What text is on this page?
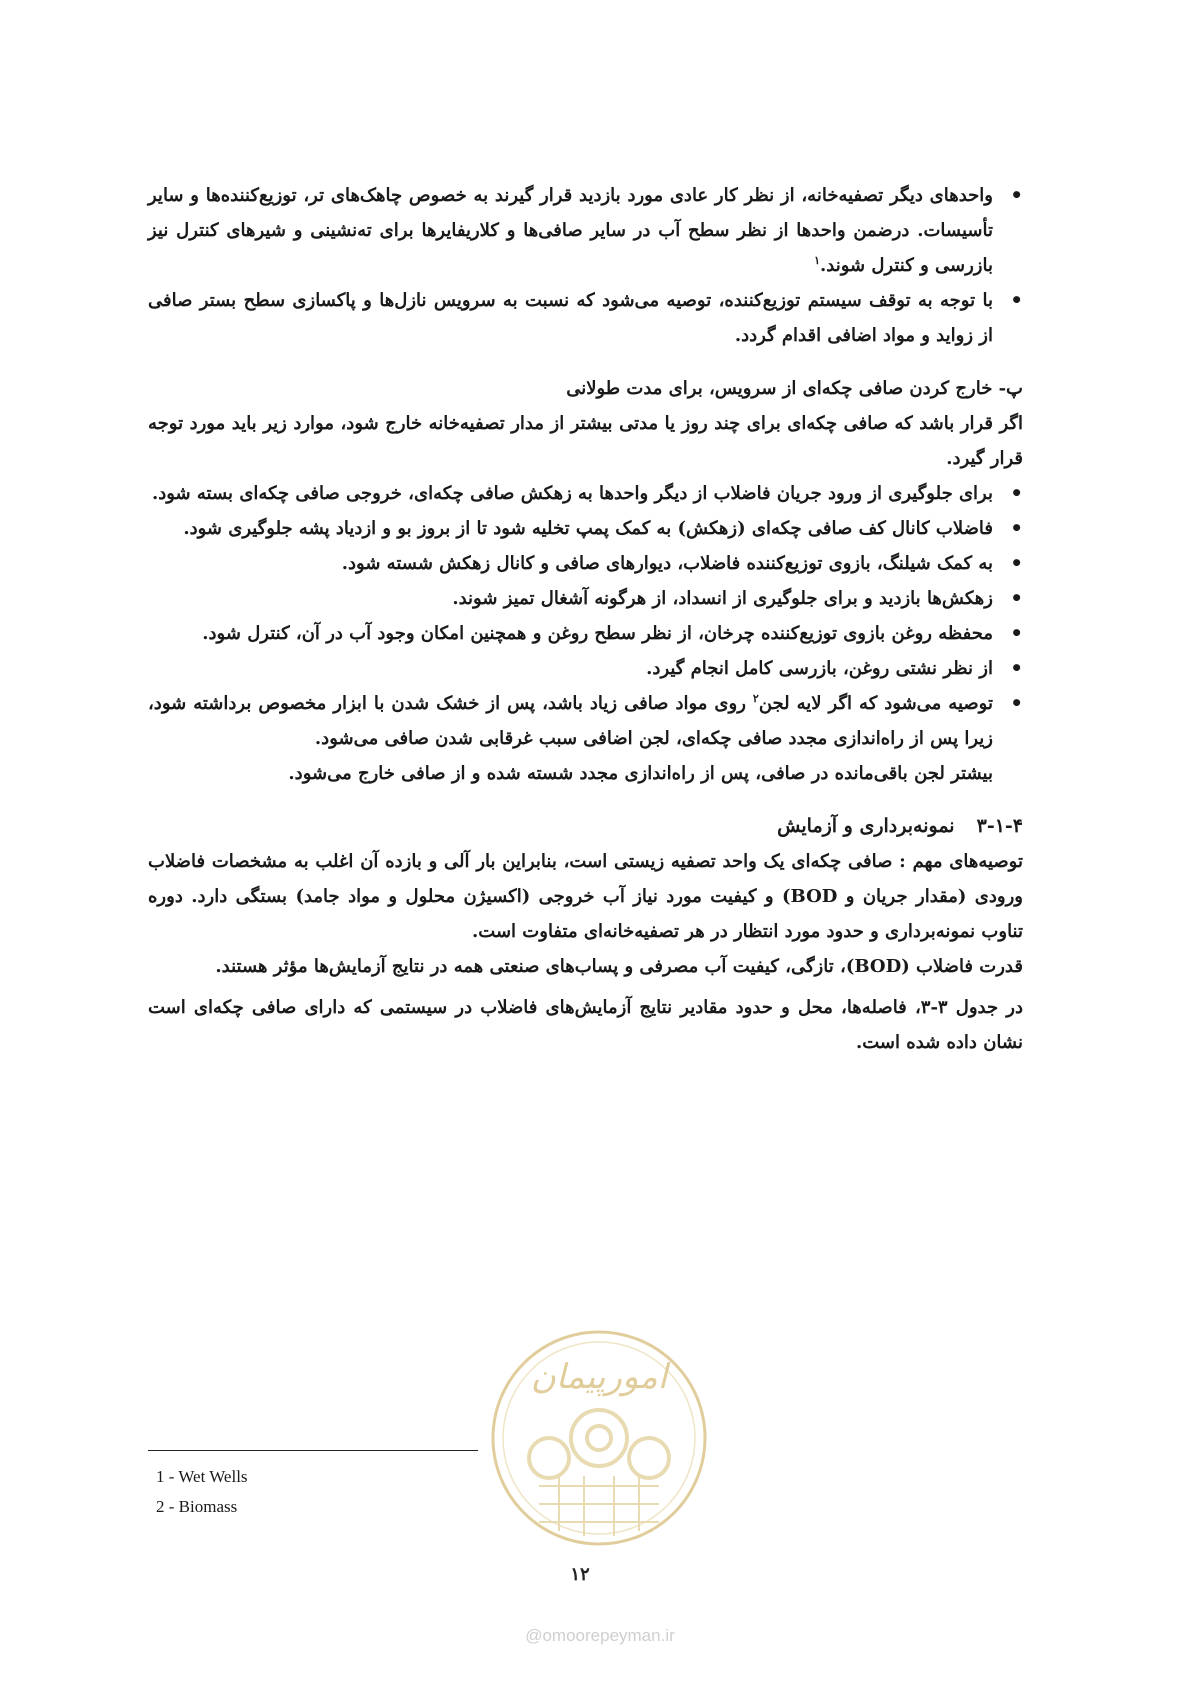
• واحدهای دیگر تصفیه‌خانه، از نظر کار عادی مورد بازدید قرار گیرند به خصوص چاهک‌های تر، توزیع‌کننده‌ها و سایر تأسیسات. درضمن واحدها از نظر سطح آب در سایر صافی‌ها و کلاریفایرها برای ته‌نشینی و شیرهای کنترل نیز بازرسی و کنترل شوند.$^۱$
• با توجه به توقف سیستم توزیع‌کننده، توصیه می‌شود که نسبت به سرویس نازل‌ها و پاکسازی سطح بستر صافی از زواید و مواد اضافی اقدام گردد.
پ- خارج کردن صافی چکه‌ای از سرویس، برای مدت طولانی

اگر قرار باشد که صافی چکه‌ای برای چند روز یا مدتی بیشتر از مدار تصفیه‌خانه خارج شود، موارد زیر باید مورد توجه قرار گیرد.

• برای جلوگیری از ورود جریان فاضلاب از دیگر واحدها به زهکش صافی چکه‌ای، خروجی صافی چکه‌ای بسته شود.
• فاضلاب کانال کف صافی چکه‌ای (زهکش) به کمک پمپ تخلیه شود تا از بروز بو و ازدیاد پشه جلوگیری شود.
• به کمک شیلنگ، بازوی توزیع‌کننده فاضلاب، دیوارهای صافی و کانال زهکش شسته شود.
• زهکش‌ها بازدید و برای جلوگیری از انسداد، از هرگونه آشغال تمیز شوند.
• محفظه روغن بازوی توزیع‌کننده چرخان، از نظر سطح روغن و همچنین امکان وجود آب در آن، کنترل شود.
• از نظر نشتی روغن، بازرسی کامل انجام گیرد.
• توصیه می‌شود که اگر لایه لجن$^۲$ روی مواد صافی زیاد باشد، پس از خشک شدن با ابزار مخصوص برداشته شود، زیرا پس از راه‌اندازی مجدد صافی چکه‌ای، لجن اضافی سبب غرقابی شدن صافی می‌شود.

بیشتر لجن باقی‌مانده در صافی، پس از راه‌اندازی مجدد شسته شده و از صافی خارج می‌شود.

۳-۱-۴نمونه‌برداری و آزمایش

توصیه‌های مهم : صافی چکه‌ای یک واحد تصفیه زیستی است، بنابراین بار آلی و بازده آن اغلب به مشخصات فاضلاب ورودی (مقدار جریان و BOD) و کیفیت مورد نیاز آب خروجی (اکسیژن محلول و مواد جامد) بستگی دارد. دوره تناوب نمونه‌برداری و حدود مورد انتظار در هر تصفیه‌خانه‌ای متفاوت است.

قدرت فاضلاب (BOD)، تازگی، کیفیت آب مصرفی و پساب‌های صنعتی همه در نتایج آزمایش‌ها مؤثر هستند.

در جدول ۳-۳، فاصله‌ها، محل و حدود مقادیر نتایج آزمایش‌های فاضلاب در سیستمی که دارای صافی چکه‌ای است نشان داده شده است.

1 - Wet Wells
2 - Biomass
امورپیمان
۱۲
@omoorepeyman.ir
